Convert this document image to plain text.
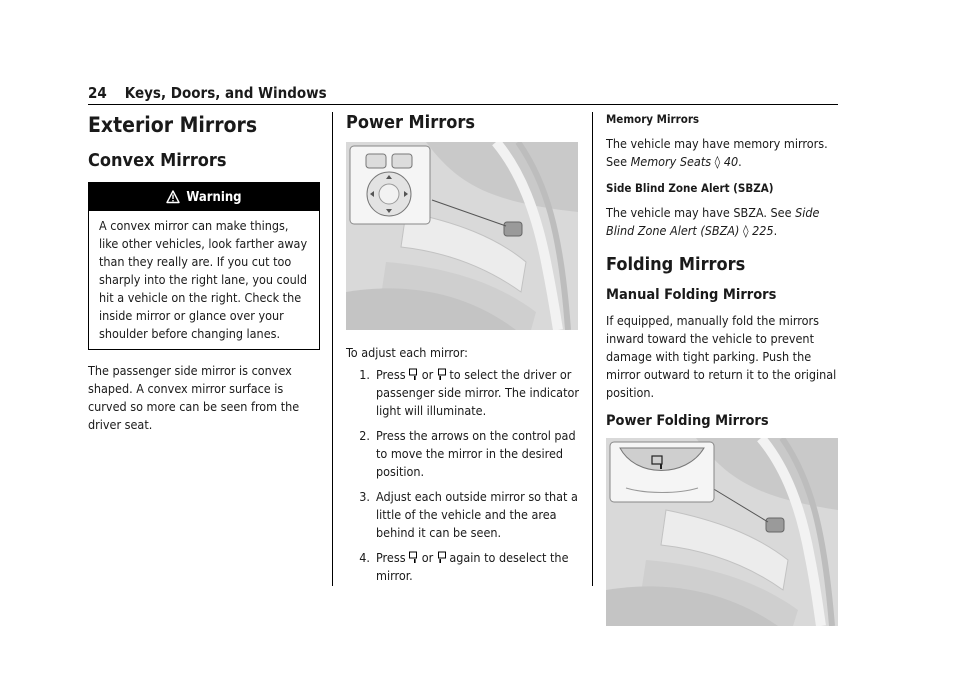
24 Keys, Doors, and Windows
Exterior Mirrors
Convex Mirrors
Warning

A convex mirror can make things, like other vehicles, look farther away than they really are. If you cut too sharply into the right lane, you could hit a vehicle on the right. Check the inside mirror or glance over your shoulder before changing lanes.

The passenger side mirror is convex shaped. A convex mirror surface is curved so more can be seen from the driver seat.

Power Mirrors

To adjust each mirror:

1. Press or to select the driver or passenger side mirror. The indicator light will illuminate.
2. Press the arrows on the control pad to move the mirror in the desired position.
3. Adjust each outside mirror so that a little of the vehicle and the area behind it can be seen.
4. Press or again to deselect the mirror.
Memory Mirrors

The vehicle may have memory mirrors. See Memory Seats ◊ 40.

Side Blind Zone Alert (SBZA)

The vehicle may have SBZA. See Side Blind Zone Alert (SBZA) ◊ 225.

Folding Mirrors
Manual Folding Mirrors

If equipped, manually fold the mirrors inward toward the vehicle to prevent damage with tight parking. Push the mirror outward to return it to the original position.

Power Folding Mirrors
